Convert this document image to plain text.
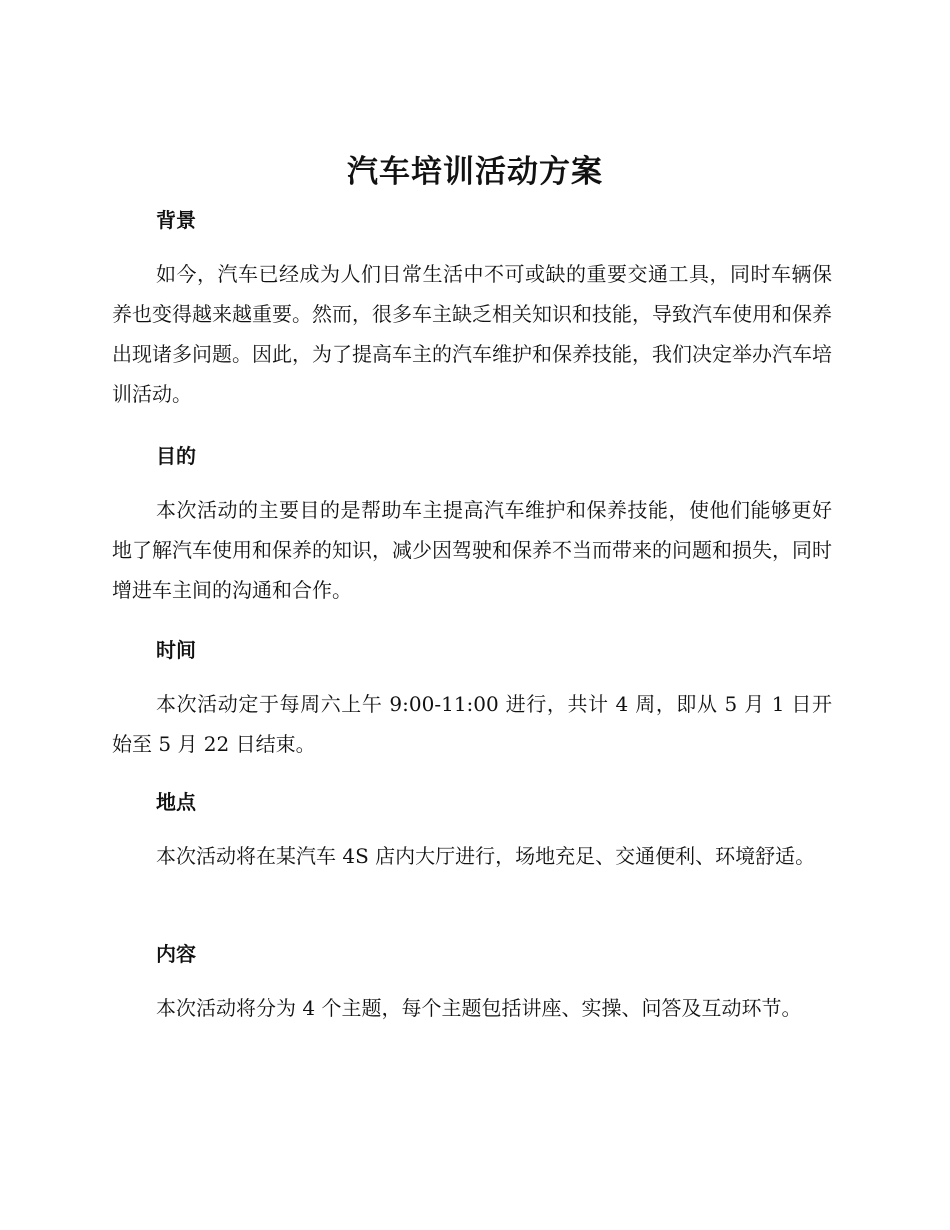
汽车培训活动方案
背景

如今，汽车已经成为人们日常生活中不可或缺的重要交通工具，同时车辆保养也变得越来越重要。然而，很多车主缺乏相关知识和技能，导致汽车使用和保养出现诸多问题。因此，为了提高车主的汽车维护和保养技能，我们决定举办汽车培训活动。

目的

本次活动的主要目的是帮助车主提高汽车维护和保养技能，使他们能够更好地了解汽车使用和保养的知识，减少因驾驶和保养不当而带来的问题和损失，同时增进车主间的沟通和合作。

时间

本次活动定于每周六上午 9:00-11:00 进行，共计 4 周，即从 5 月 1 日开始至 5 月 22 日结束。

地点

本次活动将在某汽车 4S 店内大厅进行，场地充足、交通便利、环境舒适。

内容

本次活动将分为 4 个主题，每个主题包括讲座、实操、问答及互动环节。
